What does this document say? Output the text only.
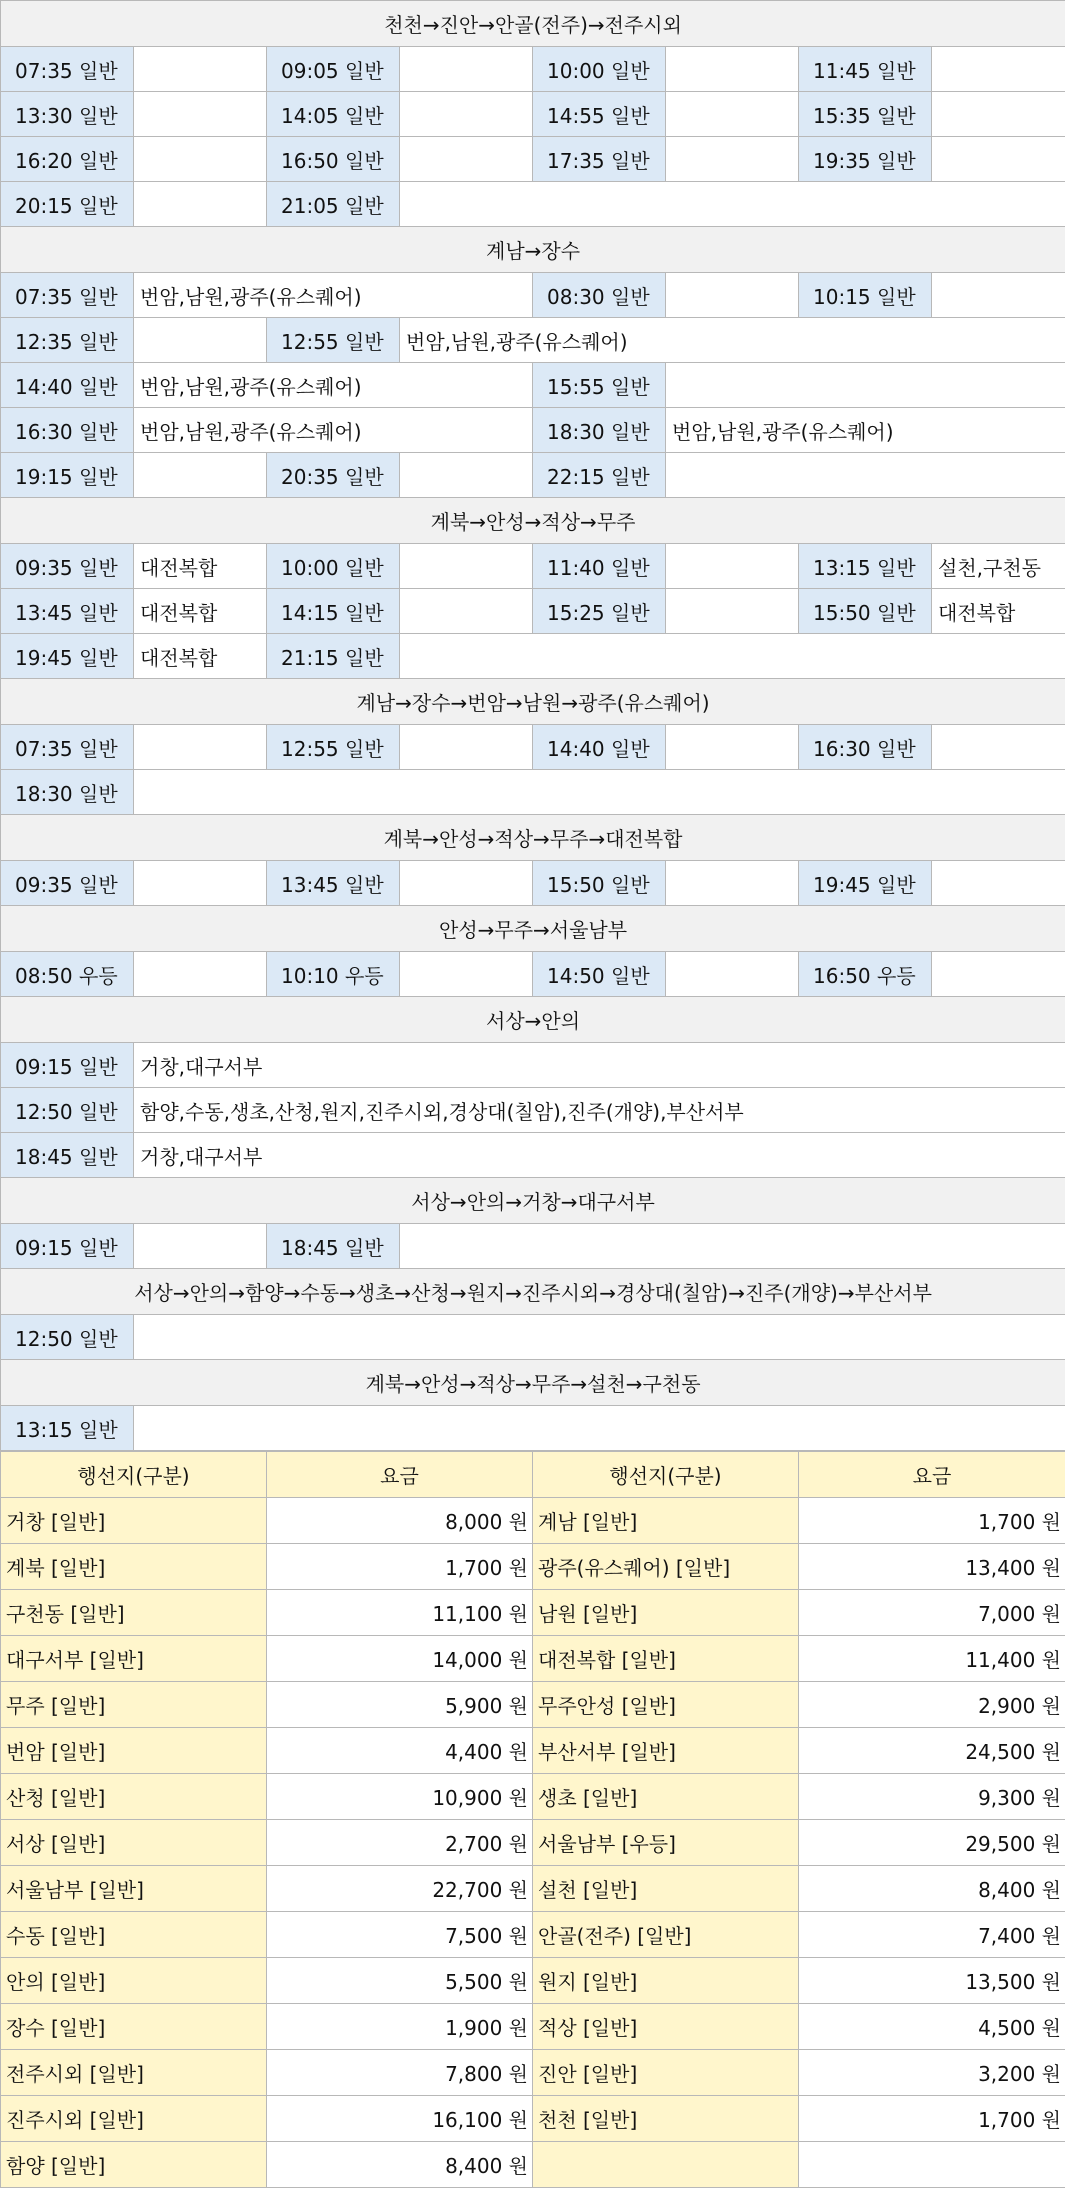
천천→진안→안골(전주)→전주시외							
07:35 일반		09:05 일반		10:00 일반		11:45 일반	
13:30 일반		14:05 일반		14:55 일반		15:35 일반	
16:20 일반		16:50 일반		17:35 일반		19:35 일반	
20:15 일반		21:05 일반					
계남→장수							
07:35 일반	번암,남원,광주(유스퀘어)			08:30 일반		10:15 일반	
12:35 일반		12:55 일반	번암,남원,광주(유스퀘어)				
14:40 일반	번암,남원,광주(유스퀘어)			15:55 일반			
16:30 일반	번암,남원,광주(유스퀘어)			18:30 일반	번암,남원,광주(유스퀘어)		
19:15 일반		20:35 일반		22:15 일반			
계북→안성→적상→무주							
09:35 일반	대전복합	10:00 일반		11:40 일반		13:15 일반	설천,구천동
13:45 일반	대전복합	14:15 일반		15:25 일반		15:50 일반	대전복합
19:45 일반	대전복합	21:15 일반					
계남→장수→번암→남원→광주(유스퀘어)							
07:35 일반		12:55 일반		14:40 일반		16:30 일반	
18:30 일반							
계북→안성→적상→무주→대전복합							
09:35 일반		13:45 일반		15:50 일반		19:45 일반	
안성→무주→서울남부							
08:50 우등		10:10 우등		14:50 일반		16:50 우등	
서상→안의							
09:15 일반	거창,대구서부						
12:50 일반	함양,수동,생초,산청,원지,진주시외,경상대(칠암),진주(개양),부산서부						
18:45 일반	거창,대구서부						
서상→안의→거창→대구서부							
09:15 일반		18:45 일반					
서상→안의→함양→수동→생초→산청→원지→진주시외→경상대(칠암)→진주(개양)→부산서부							
12:50 일반							
계북→안성→적상→무주→설천→구천동							
13:15 일반							
행선지(구분)	요금	행선지(구분)	요금
거창 [일반]	8,000 원	계남 [일반]	1,700 원
계북 [일반]	1,700 원	광주(유스퀘어) [일반]	13,400 원
구천동 [일반]	11,100 원	남원 [일반]	7,000 원
대구서부 [일반]	14,000 원	대전복합 [일반]	11,400 원
무주 [일반]	5,900 원	무주안성 [일반]	2,900 원
번암 [일반]	4,400 원	부산서부 [일반]	24,500 원
산청 [일반]	10,900 원	생초 [일반]	9,300 원
서상 [일반]	2,700 원	서울남부 [우등]	29,500 원
서울남부 [일반]	22,700 원	설천 [일반]	8,400 원
수동 [일반]	7,500 원	안골(전주) [일반]	7,400 원
안의 [일반]	5,500 원	원지 [일반]	13,500 원
장수 [일반]	1,900 원	적상 [일반]	4,500 원
전주시외 [일반]	7,800 원	진안 [일반]	3,200 원
진주시외 [일반]	16,100 원	천천 [일반]	1,700 원
함양 [일반]	8,400 원		
